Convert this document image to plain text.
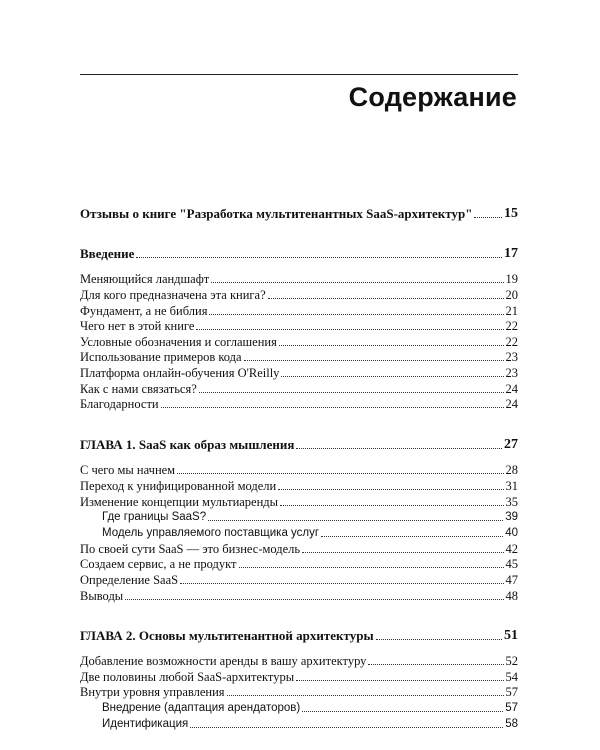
Содержание
Отзывы о книге "Разработка мультитенантных SaaS-архитектур" 15
Введение	17
Меняющийся ландшафт	19
Для кого предназначена эта книга?	20
Фундамент, а не библия	21
Чего нет в этой книге	22
Условные обозначения и соглашения	22
Использование примеров кода	23
Платформа онлайн-обучения O'Reilly	23
Как с нами связаться?	24
Благодарности	24
ГЛАВА 1. SaaS как образ мышления	27
С чего мы начнем	28
Переход к унифицированной модели	31
Изменение концепции мультиаренды	35
Где границы SaaS?	39
Модель управляемого поставщика услуг	40
По своей сути SaaS — это бизнес-модель	42
Создаем сервис, а не продукт	45
Определение SaaS	47
Выводы	48
ГЛАВА 2. Основы мультитенантной архитектуры	51
Добавление возможности аренды в вашу архитектуру	52
Две половины любой SaaS-архитектуры	54
Внутри уровня управления	57
Внедрение (адаптация арендаторов)	57
Идентификация	58
